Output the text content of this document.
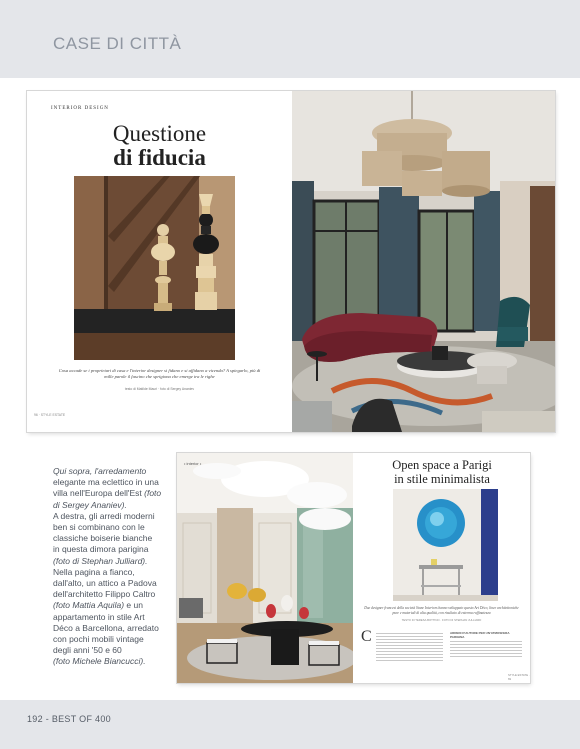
CASE DI CITTÀ
INTERIOR DESIGN
Questione
di fiducia
Cosa accade se i proprietari di casa e l'interior designer si fidano e si affidano a vicenda? A spiegarlo, più di mille parole il fascino che sprigiona che emerge tra le righe
testo di Matilde Mauri · foto di Sergey Ananiev
96 · STYLE ESTATE
Qui sopra, l'arredamento
elegante ma eclettico in una
villa nell'Europa dell'Est (foto
di Sergey Ananiev).
A destra, gli arredi moderni
ben si combinano con le
classiche boiserie bianche
in questa dimora parigina
(foto di Stephan Julliard).
Nella pagina a fianco,
dall'alto, un attico a Padova
dell'architetto Filippo Caltro
(foto Mattia Aquila) e un
appartamento in stile Art
Déco a Barcellona, arredato
con pochi mobili vintage
degli anni '50 e 60
(foto Michele Biancucci).
• interior •
Due designer francesi della società Stone Interiors hanno sviluppato questo Art Déco, linee architettoniche pure e materiali di alta qualità, con risultato di estrema raffinatezza
TESTO DI TERESA BOTTINO · FOTO DI STEPHAN JULLIARD
C	ARREDI D'AUTORE PER UN'ATMOSFERA PARIGINA
STYLE ESTATE · 69
Open space a Parigi
in stile minimalista
192 - BEST OF 400
